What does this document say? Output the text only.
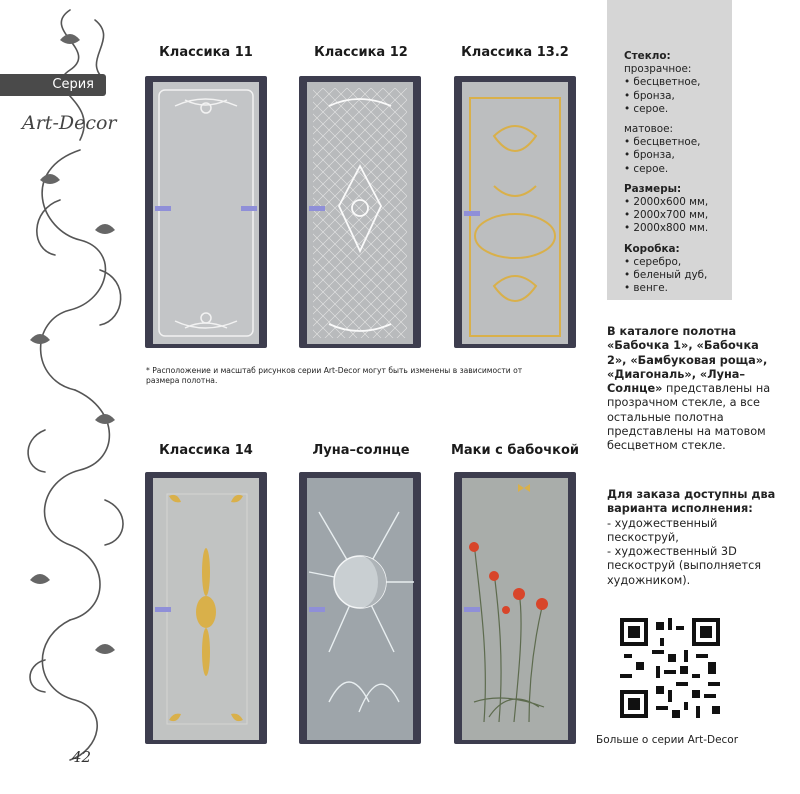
Серия
Art-Decor
42
Классика 11	Классика 12	Классика 13.2
* Расположение и масштаб рисунков серии Art-Decor могут быть изменены в зависимости от размера полотна.
Классика 14	Луна–солнце	Маки с бабочкой
Стекло:
прозрачное:
• бесцветное,
• бронза,
• серое.
матовое:
• бесцветное,
• бронза,
• серое.
Размеры:
• 2000х600 мм,
• 2000х700 мм,
• 2000х800 мм.
Коробка:
• серебро,
• беленый дуб,
• венге.
В каталоге полотна «Бабочка 1», «Бабочка 2», «Бамбуковая роща», «Диагональ», «Луна–Солнце» представлены на прозрачном стекле, а все остальные полотна представлены на матовом бесцветном стекле.
Для заказа доступны два варианта исполнения:
- художественный пескоструй,
- художественный 3D пескоструй (выполняется художником).
Больше о серии Art-Decor
